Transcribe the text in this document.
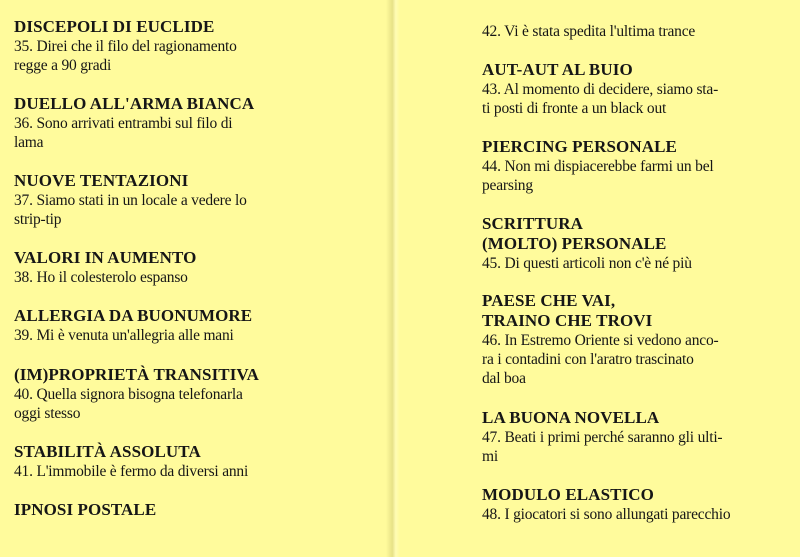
DISCEPOLI DI EUCLIDE
35. Direi che il filo del ragionamento
regge a 90 gradi
DUELLO ALL'ARMA BIANCA
36. Sono arrivati entrambi sul filo di
lama
NUOVE TENTAZIONI
37. Siamo stati in un locale a vedere lo
strip-tip
VALORI IN AUMENTO
38. Ho il colesterolo espanso
ALLERGIA DA BUONUMORE
39. Mi è venuta un'allegria alle mani
(IM)PROPRIETÀ TRANSITIVA
40. Quella signora bisogna telefonarla
oggi stesso
STABILITÀ ASSOLUTA
41. L'immobile è fermo da diversi anni
IPNOSI POSTALE
42. Vi è stata spedita l'ultima trance
AUT-AUT AL BUIO
43. Al momento di decidere, siamo sta-
ti posti di fronte a un black out
PIERCING PERSONALE
44. Non mi dispiacerebbe farmi un bel
pearsing
SCRITTURA
(MOLTO) PERSONALE
45. Di questi articoli non c'è né più
PAESE CHE VAI,
TRAINO CHE TROVI
46. In Estremo Oriente si vedono anco-
ra i contadini con l'aratro trascinato
dal boa
LA BUONA NOVELLA
47. Beati i primi perché saranno gli ulti-
mi
MODULO ELASTICO
48. I giocatori si sono allungati parecchio
